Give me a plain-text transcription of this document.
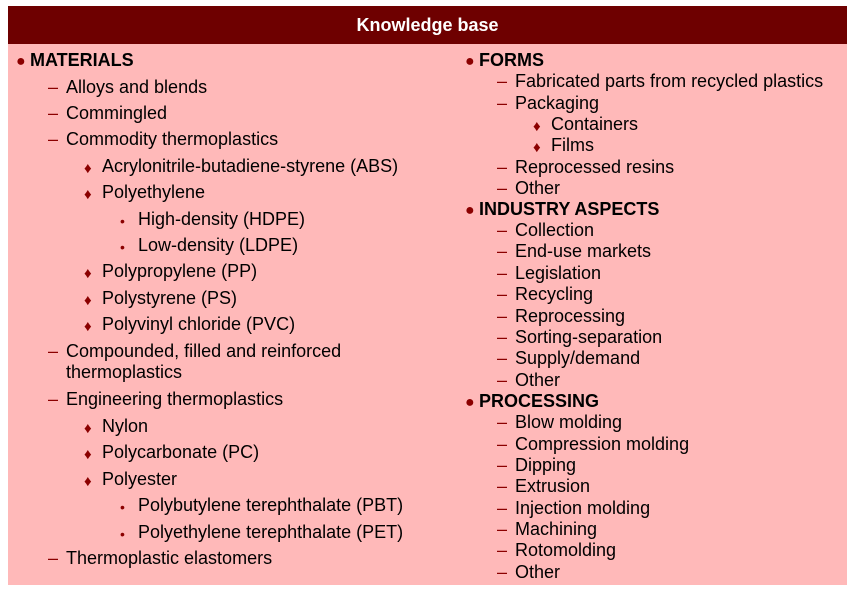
Knowledge base
● MATERIALS
– Alloys and blends
– Commingled
– Commodity thermoplastics
♦ Acrylonitrile-butadiene-styrene (ABS)
♦ Polyethylene
• High-density (HDPE)
• Low-density (LDPE)
♦ Polypropylene (PP)
♦ Polystyrene (PS)
♦ Polyvinyl chloride (PVC)
– Compounded, filled and reinforced
thermoplastics
– Engineering thermoplastics
♦ Nylon
♦ Polycarbonate (PC)
♦ Polyester
• Polybutylene terephthalate (PBT)
• Polyethylene terephthalate (PET)
– Thermoplastic elastomers
● FORMS
– Fabricated parts from recycled plastics
– Packaging
♦ Containers
♦ Films
– Reprocessed resins
– Other
● INDUSTRY ASPECTS
– Collection
– End-use markets
– Legislation
– Recycling
– Reprocessing
– Sorting-separation
– Supply/demand
– Other
● PROCESSING
– Blow molding
– Compression molding
– Dipping
– Extrusion
– Injection molding
– Machining
– Rotomolding
– Other
